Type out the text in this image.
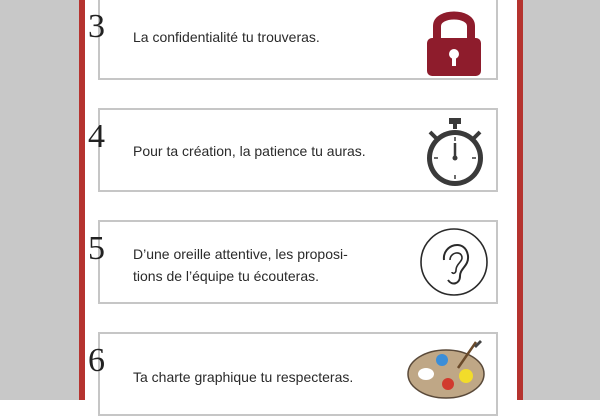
3	La confidentialité tu trouveras.
4	Pour ta création, la patience tu auras.
5	D’une oreille attentive, les proposi-
tions de l’équipe tu écouteras.
6	Ta charte graphique tu respecteras.
